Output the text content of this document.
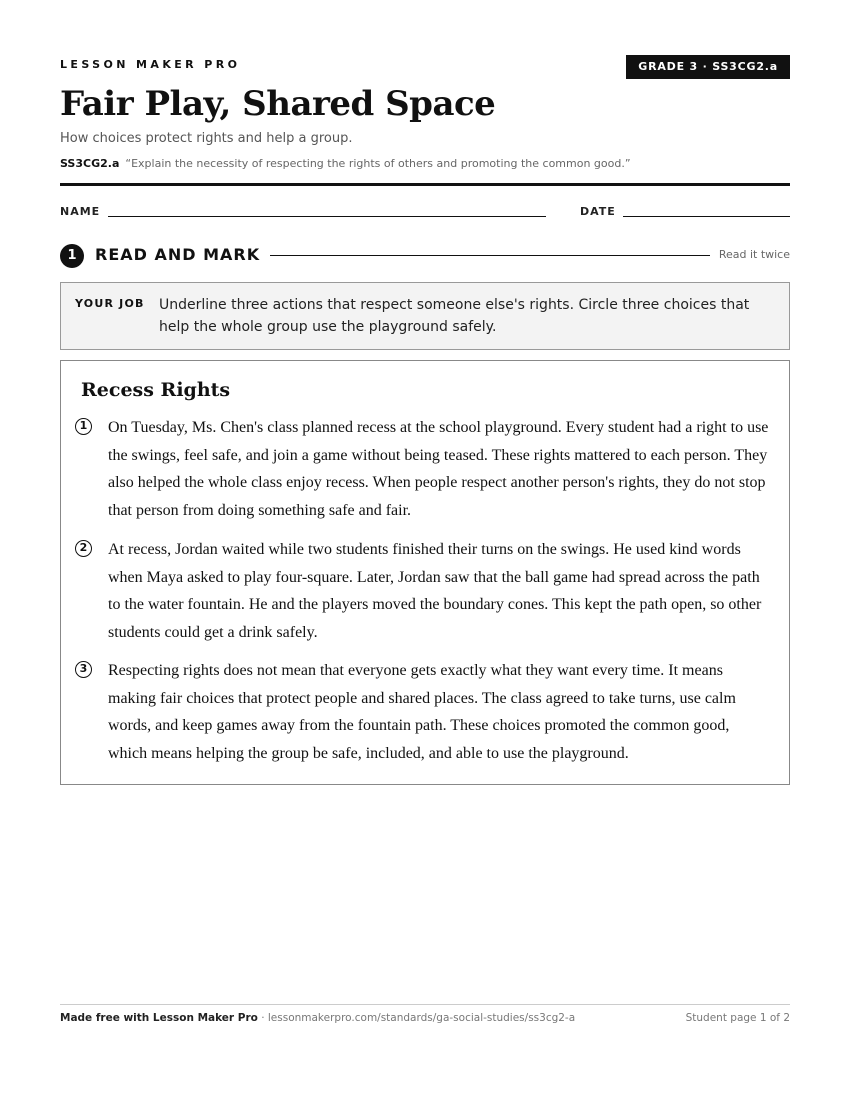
LESSON MAKER PRO	GRADE 3 · SS3CG2.a
Fair Play, Shared Space
How choices protect rights and help a group.
SS3CG2.a “Explain the necessity of respecting the rights of others and promoting the common good.”
NAME	DATE
1	READ AND MARK	Read it twice
YOUR JOB Underline three actions that respect someone else's rights. Circle three choices that help the whole group use the playground safely.
Recess Rights
1 On Tuesday, Ms. Chen's class planned recess at the school playground. Every student had a right to use the swings, feel safe, and join a game without being teased. These rights mattered to each person. They also helped the whole class enjoy recess. When people respect another person's rights, they do not stop that person from doing something safe and fair.
2 At recess, Jordan waited while two students finished their turns on the swings. He used kind words when Maya asked to play four-square. Later, Jordan saw that the ball game had spread across the path to the water fountain. He and the players moved the boundary cones. This kept the path open, so other students could get a drink safely.
3 Respecting rights does not mean that everyone gets exactly what they want every time. It means making fair choices that protect people and shared places. The class agreed to take turns, use calm words, and keep games away from the fountain path. These choices promoted the common good, which means helping the group be safe, included, and able to use the playground.
Made free with Lesson Maker Pro · lessonmakerpro.com/standards/ga-social-studies/ss3cg2-a	Student page 1 of 2
